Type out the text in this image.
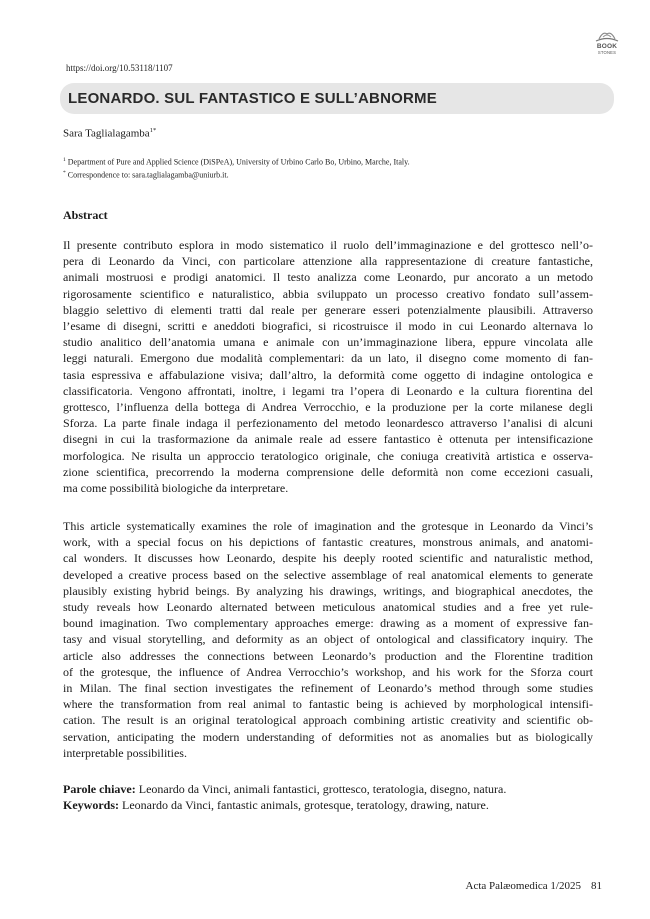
BOOK
STONES
https://doi.org/10.53118/1107
LEONARDO. SUL FANTASTICO E SULL’ABNORME
Sara Taglialagamba$^{1*}$
$^1$ Department of Pure and Applied Science (DiSPeA), University of Urbino Carlo Bo, Urbino, Marche, Italy.
* Correspondence to: sara.taglialagamba@uniurb.it.
Abstract
Il presente contributo esplora in modo sistematico il ruolo dell’immaginazione e del grottesco nell’o-
pera di Leonardo da Vinci, con particolare attenzione alla rappresentazione di creature fantastiche,
animali mostruosi e prodigi anatomici. Il testo analizza come Leonardo, pur ancorato a un metodo
rigorosamente scientifico e naturalistico, abbia sviluppato un processo creativo fondato sull’assem-
blaggio selettivo di elementi tratti dal reale per generare esseri potenzialmente plausibili. Attraverso
l’esame di disegni, scritti e aneddoti biografici, si ricostruisce il modo in cui Leonardo alternava lo
studio analitico dell’anatomia umana e animale con un’immaginazione libera, eppure vincolata alle
leggi naturali. Emergono due modalità complementari: da un lato, il disegno come momento di fan-
tasia espressiva e affabulazione visiva; dall’altro, la deformità come oggetto di indagine ontologica e
classificatoria. Vengono affrontati, inoltre, i legami tra l’opera di Leonardo e la cultura fiorentina del
grottesco, l’influenza della bottega di Andrea Verrocchio, e la produzione per la corte milanese degli
Sforza. La parte finale indaga il perfezionamento del metodo leonardesco attraverso l’analisi di alcuni
disegni in cui la trasformazione da animale reale ad essere fantastico è ottenuta per intensificazione
morfologica. Ne risulta un approccio teratologico originale, che coniuga creatività artistica e osserva-
zione scientifica, precorrendo la moderna comprensione delle deformità non come eccezioni casuali,
ma come possibilità biologiche da interpretare.
This article systematically examines the role of imagination and the grotesque in Leonardo da Vinci’s
work, with a special focus on his depictions of fantastic creatures, monstrous animals, and anatomi-
cal wonders. It discusses how Leonardo, despite his deeply rooted scientific and naturalistic method,
developed a creative process based on the selective assemblage of real anatomical elements to generate
plausibly existing hybrid beings. By analyzing his drawings, writings, and biographical anecdotes, the
study reveals how Leonardo alternated between meticulous anatomical studies and a free yet rule-
bound imagination. Two complementary approaches emerge: drawing as a moment of expressive fan-
tasy and visual storytelling, and deformity as an object of ontological and classificatory inquiry. The
article also addresses the connections between Leonardo’s production and the Florentine tradition
of the grotesque, the influence of Andrea Verrocchio’s workshop, and his work for the Sforza court
in Milan. The final section investigates the refinement of Leonardo’s method through some studies
where the transformation from real animal to fantastic being is achieved by morphological intensifi-
cation. The result is an original teratological approach combining artistic creativity and scientific ob-
servation, anticipating the modern understanding of deformities not as anomalies but as biologically
interpretable possibilities.
Parole chiave: Leonardo da Vinci, animali fantastici, grottesco, teratologia, disegno, natura.
Keywords: Leonardo da Vinci, fantastic animals, grotesque, teratology, drawing, nature.
Acta Palæomedica 1/2025 81
